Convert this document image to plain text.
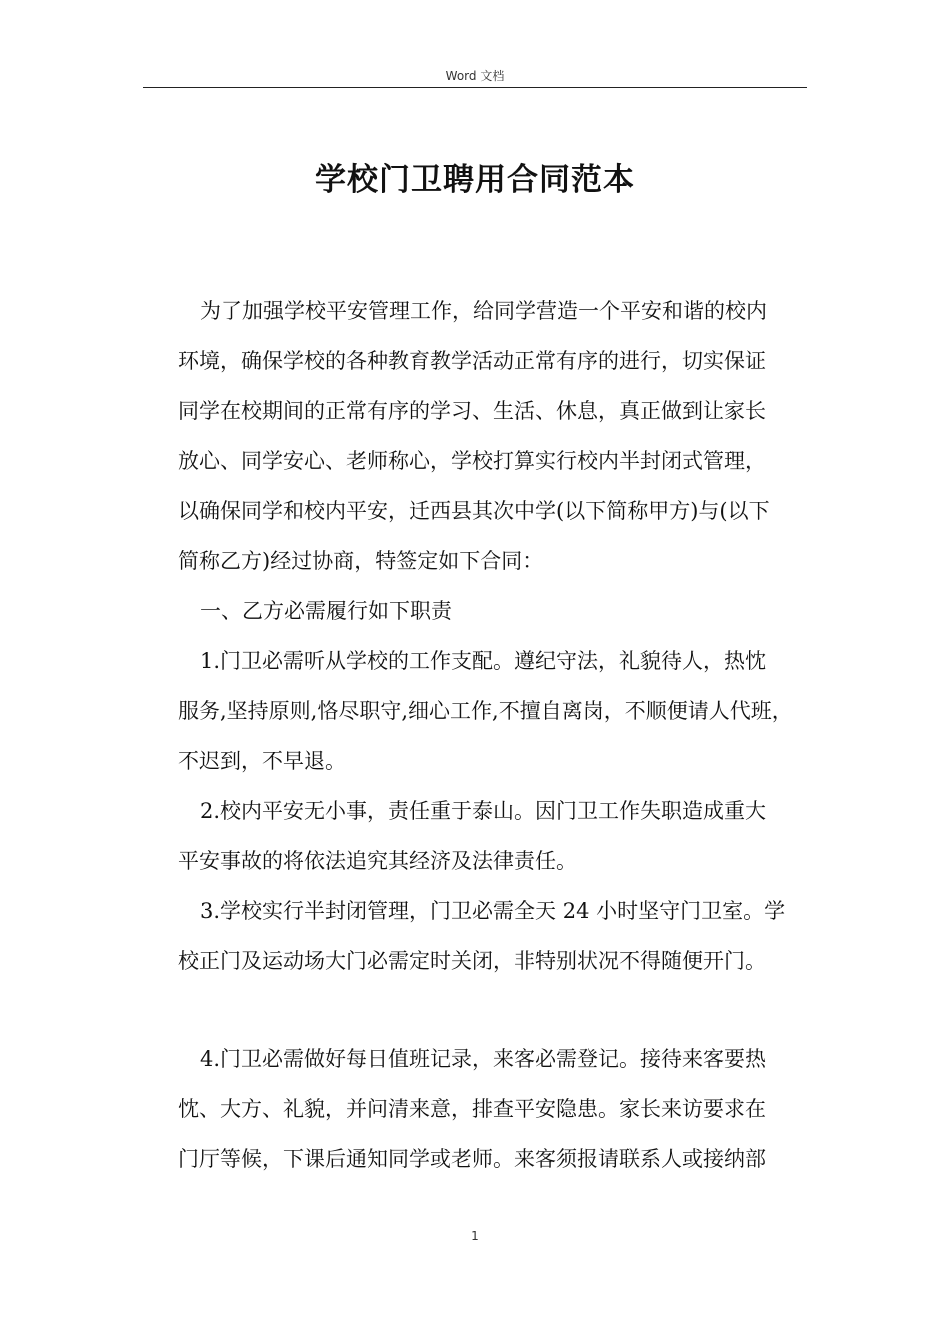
Word 文档
学校门卫聘用合同范本
为了加强学校平安管理工作，给同学营造一个平安和谐的校内
环境，确保学校的各种教育教学活动正常有序的进行，切实保证
同学在校期间的正常有序的学习、生活、休息，真正做到让家长
放心、同学安心、老师称心，学校打算实行校内半封闭式管理，
以确保同学和校内平安，迁西县其次中学(以下简称甲方)与(以下
简称乙方)经过协商，特签定如下合同：
一、乙方必需履行如下职责
1.门卫必需听从学校的工作支配。遵纪守法，礼貌待人，热忱
服务,坚持原则,恪尽职守,细心工作,不擅自离岗，不顺便请人代班，
不迟到，不早退。
2.校内平安无小事，责任重于泰山。因门卫工作失职造成重大
平安事故的将依法追究其经济及法律责任。
3.学校实行半封闭管理，门卫必需全天 24 小时坚守门卫室。学
校正门及运动场大门必需定时关闭，非特别状况不得随便开门。
4.门卫必需做好每日值班记录，来客必需登记。接待来客要热
忱、大方、礼貌，并问清来意，排查平安隐患。家长来访要求在
门厅等候，下课后通知同学或老师。来客须报请联系人或接纳部
1
